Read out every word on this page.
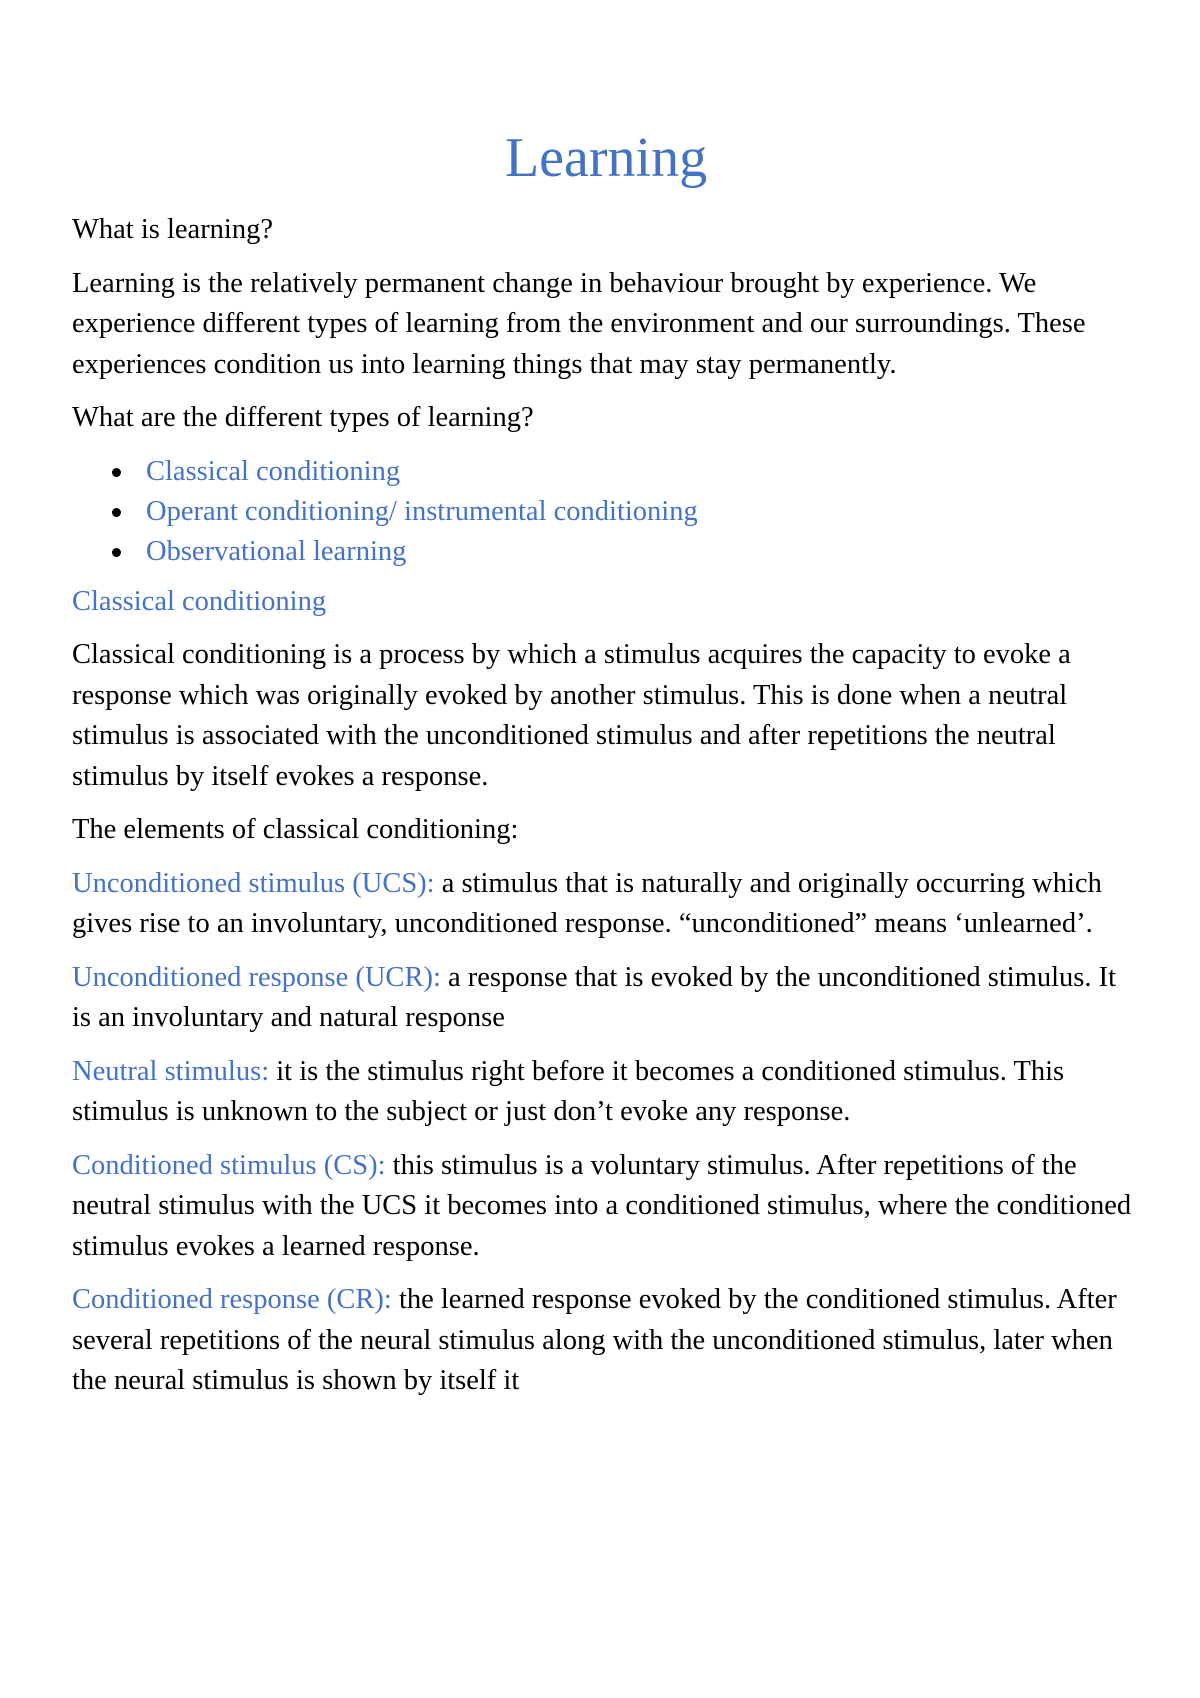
Learning

What is learning?

Learning is the relatively permanent change in behaviour brought by experience. We experience different types of learning from the environment and our surroundings. These experiences condition us into learning things that may stay permanently.

What are the different types of learning?

Classical conditioning
Operant conditioning/ instrumental conditioning
Observational learning

Classical conditioning

Classical conditioning is a process by which a stimulus acquires the capacity to evoke a response which was originally evoked by another stimulus. This is done when a neutral stimulus is associated with the unconditioned stimulus and after repetitions the neutral stimulus by itself evokes a response.

The elements of classical conditioning:

Unconditioned stimulus (UCS): a stimulus that is naturally and originally occurring which gives rise to an involuntary, unconditioned response. “unconditioned” means ‘unlearned’.

Unconditioned response (UCR): a response that is evoked by the unconditioned stimulus. It is an involuntary and natural response

Neutral stimulus: it is the stimulus right before it becomes a conditioned stimulus. This stimulus is unknown to the subject or just don’t evoke any response.

Conditioned stimulus (CS): this stimulus is a voluntary stimulus. After repetitions of the neutral stimulus with the UCS it becomes into a conditioned stimulus, where the conditioned stimulus evokes a learned response.

Conditioned response (CR): the learned response evoked by the conditioned stimulus. After several repetitions of the neural stimulus along with the unconditioned stimulus, later when the neural stimulus is shown by itself it
